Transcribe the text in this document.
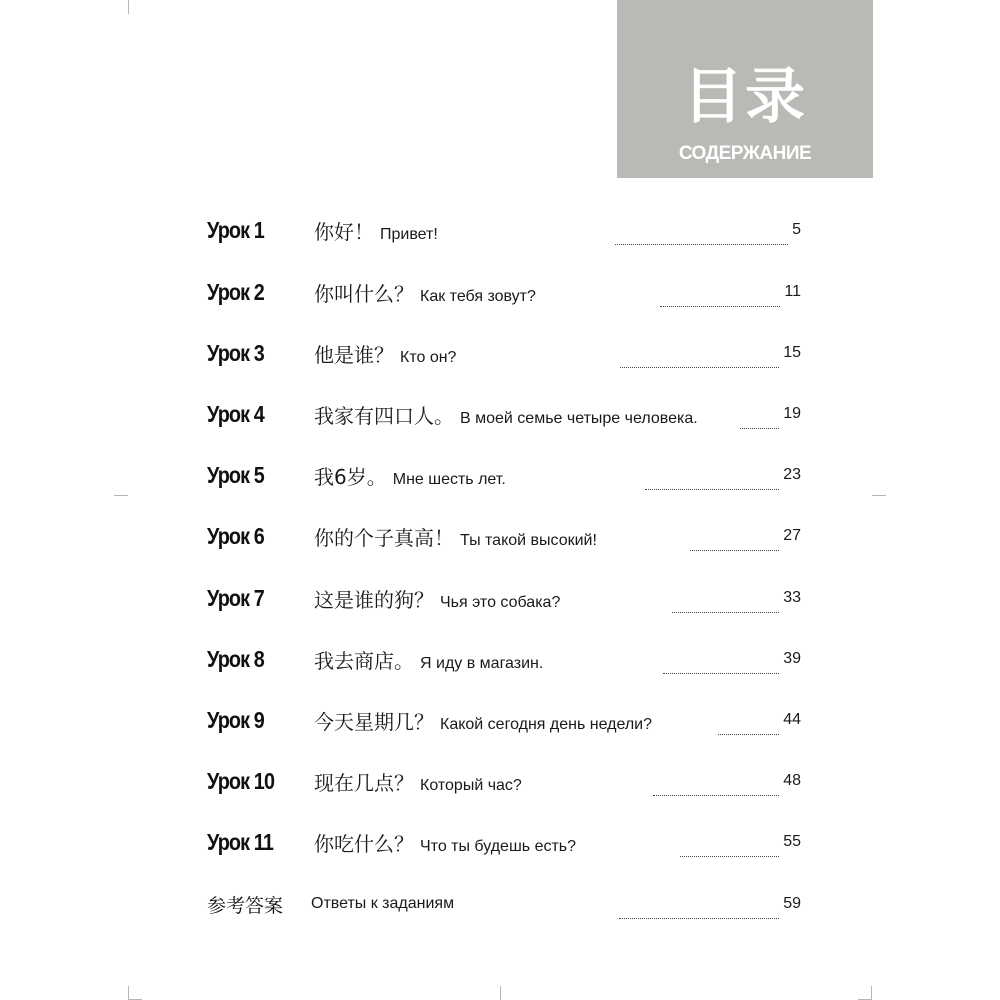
目录
СОДЕРЖАНИЕ
Урок 1	你好！ Привет!	5
Урок 2	你叫什么？ Как тебя зовут?	11
Урок 3	他是谁？ Кто он?	15
Урок 4	我家有四口人。 В моей семье четыре человека.	19
Урок 5	我6岁。 Мне шесть лет.	23
Урок 6	你的个子真高！ Ты такой высокий!	27
Урок 7	这是谁的狗？ Чья это собака?	33
Урок 8	我去商店。 Я иду в магазин.	39
Урок 9	今天星期几？ Какой сегодня день недели?	44
Урок 10	现在几点？ Который час?	48
Урок 11	你吃什么？ Что ты будешь есть?	55
参考答案	Ответы к заданиям	59
